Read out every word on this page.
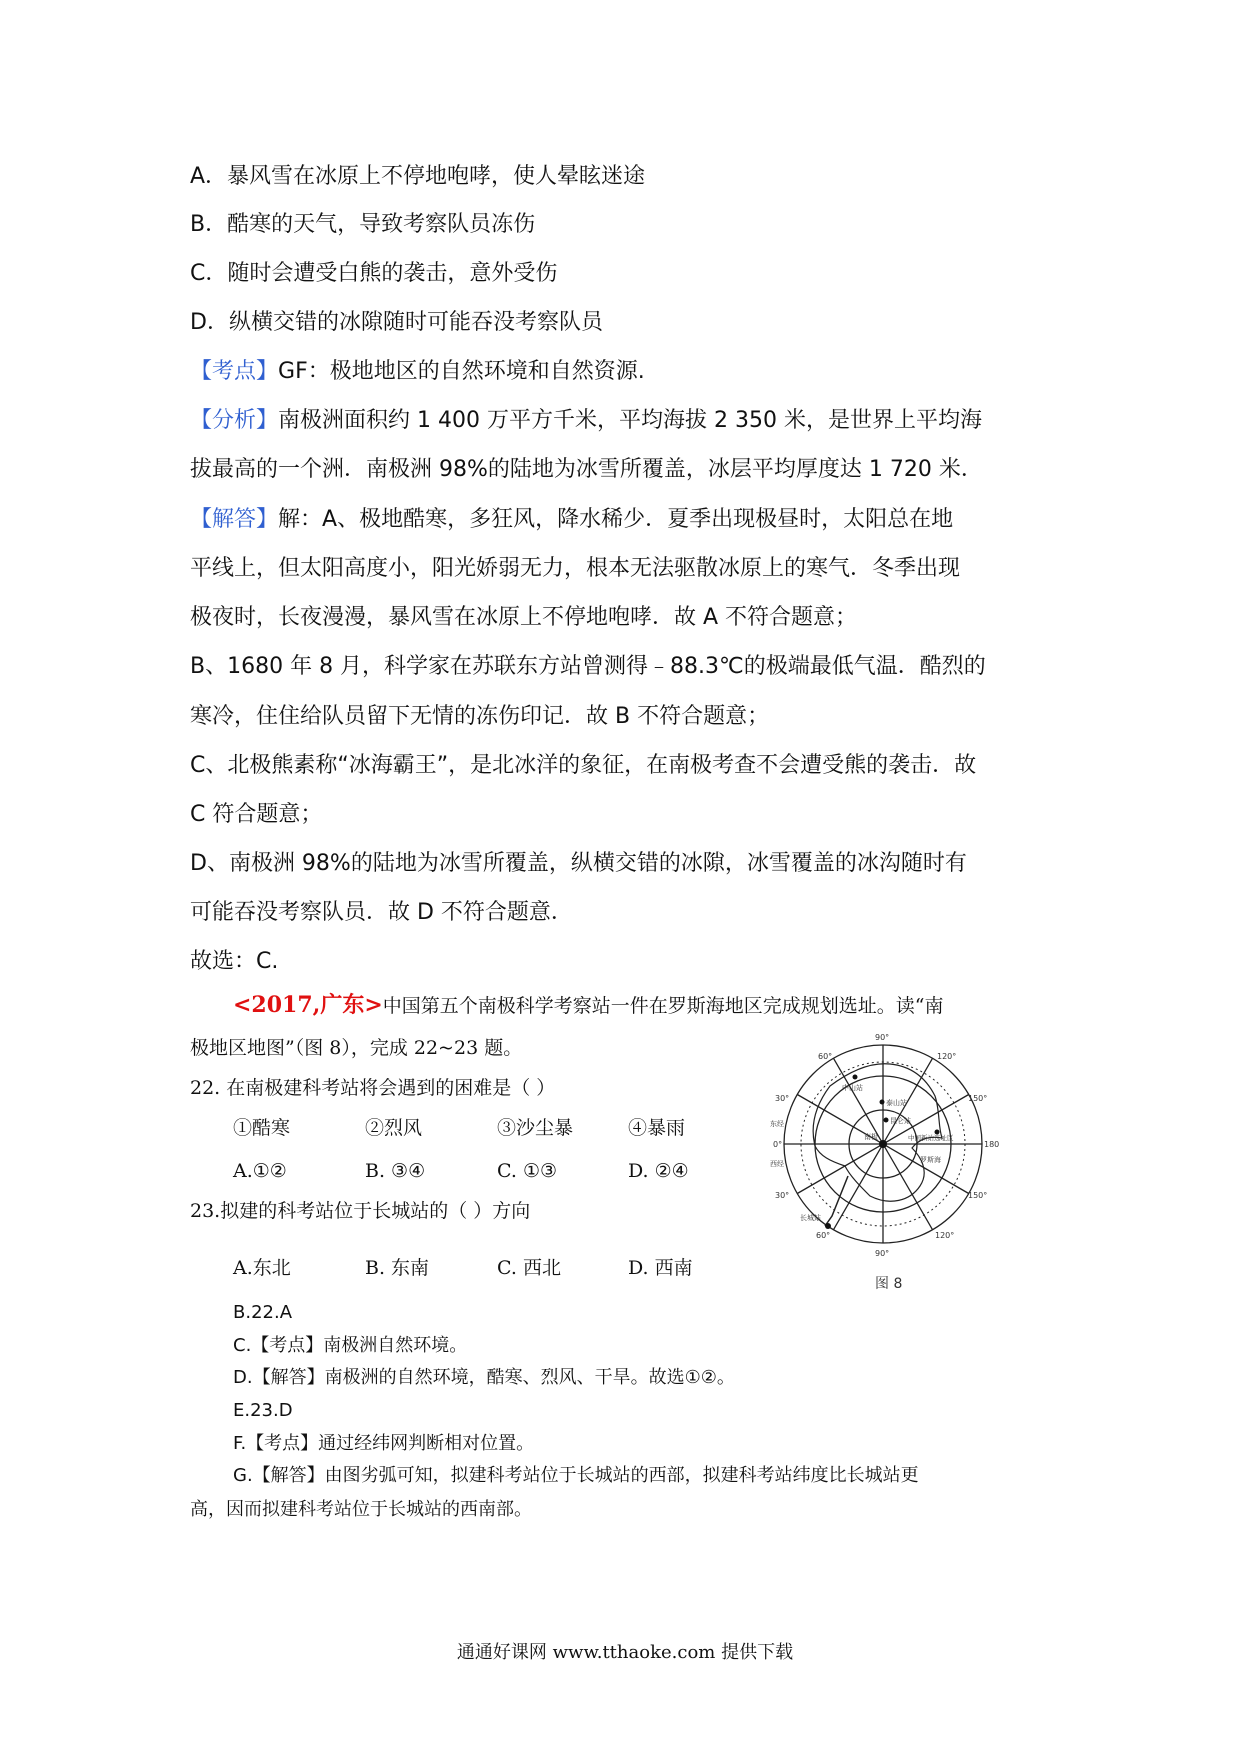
A．暴风雪在冰原上不停地咆哮，使人晕眩迷途
B．酷寒的天气，导致考察队员冻伤
C．随时会遭受白熊的袭击，意外受伤
D．纵横交错的冰隙随时可能吞没考察队员
【考点】GF：极地地区的自然环境和自然资源.
【分析】南极洲面积约 1 400 万平方千米，平均海拔 2 350 米，是世界上平均海
拔最高的一个洲．南极洲 98%的陆地为冰雪所覆盖，冰层平均厚度达 1 720 米．
【解答】解：A、极地酷寒，多狂风，降水稀少．夏季出现极昼时，太阳总在地
平线上，但太阳高度小，阳光娇弱无力，根本无法驱散冰原上的寒气．冬季出现
极夜时，长夜漫漫，暴风雪在冰原上不停地咆哮．故 A 不符合题意；
B、1680 年 8 月，科学家在苏联东方站曾测得﹣88.3℃的极端最低气温．酷烈的
寒冷，住住给队员留下无情的冻伤印记．故 B 不符合题意；
C、北极熊素称“冰海霸王”，是北冰洋的象征，在南极考查不会遭受熊的袭击．故
C 符合题意；
D、南极洲 98%的陆地为冰雪所覆盖，纵横交错的冰隙，冰雪覆盖的冰沟随时有
可能吞没考察队员．故 D 不符合题意．
故选：C.
<2017,广东>中国第五个南极科学考察站一件在罗斯海地区完成规划选址。读“南
极地区地图”（图 8），完成 22~23 题。
22. 在南极建科考站将会遇到的困难是（ ）
①酷寒	②烈风	③沙尘暴	④暴雨
A.①②	B. ③④	C. ①③	D. ②④
23.拟建的科考站位于长城站的（ ）方向
A.东北	B. 东南	C. 西北	D. 西南
B.22.A
C.【考点】南极洲自然环境。
D.【解答】南极洲的自然环境，酷寒、烈风、干旱。故选①②。
E.23.D
F.【考点】通过经纬网判断相对位置。
G.【解答】由图劣弧可知，拟建科考站位于长城站的西部，拟建科考站纬度比长城站更
高，因而拟建科考站位于长城站的西南部。
90°
120°
150°
180
150°
120°
90°
60°
30°
0°
30°
60°
东经
西经
中山站
泰山站
昆仑站
南极	中国新站选址区
罗斯海
长城站
图 8
通通好课网 www.tthaoke.com 提供下载
